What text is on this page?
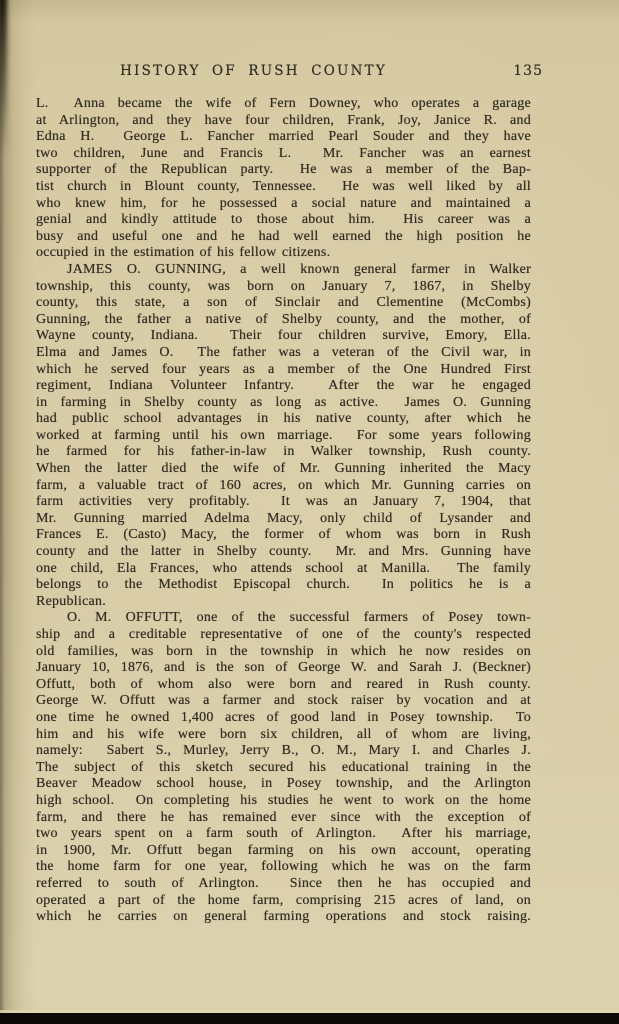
HISTORY OF RUSH COUNTY	135
L.  Anna became the wife of Fern Downey, who operates a garage
at Arlington, and they have four children, Frank, Joy, Janice R. and
Edna H.  George L. Fancher married Pearl Souder and they have
two children, June and Francis L.  Mr. Fancher was an earnest
supporter of the Republican party.  He was a member of the Bap-
tist church in Blount county, Tennessee.  He was well liked by all
who knew him, for he possessed a social nature and maintained a
genial and kindly attitude to those about him.  His career was a
busy and useful one and he had well earned the high position he
occupied in the estimation of his fellow citizens.
JAMES O. GUNNING, a well known general farmer in Walker
township, this county, was born on January 7, 1867, in Shelby
county, this state, a son of Sinclair and Clementine (McCombs)
Gunning, the father a native of Shelby county, and the mother, of
Wayne county, Indiana.  Their four children survive, Emory, Ella.
Elma and James O.  The father was a veteran of the Civil war, in
which he served four years as a member of the One Hundred First
regiment, Indiana Volunteer Infantry.  After the war he engaged
in farming in Shelby county as long as active.  James O. Gunning
had public school advantages in his native county, after which he
worked at farming until his own marriage.  For some years following
he farmed for his father-in-law in Walker township, Rush county.
When the latter died the wife of Mr. Gunning inherited the Macy
farm, a valuable tract of 160 acres, on which Mr. Gunning carries on
farm activities very profitably.  It was an January 7, 1904, that
Mr. Gunning married Adelma Macy, only child of Lysander and
Frances E. (Casto) Macy, the former of whom was born in Rush
county and the latter in Shelby county.  Mr. and Mrs. Gunning have
one child, Ela Frances, who attends school at Manilla.  The family
belongs to the Methodist Episcopal church.  In politics he is a
Republican.
O. M. OFFUTT, one of the successful farmers of Posey town-
ship and a creditable representative of one of the county's respected
old families, was born in the township in which he now resides on
January 10, 1876, and is the son of George W. and Sarah J. (Beckner)
Offutt, both of whom also were born and reared in Rush county.
George W. Offutt was a farmer and stock raiser by vocation and at
one time he owned 1,400 acres of good land in Posey township.  To
him and his wife were born six children, all of whom are living,
namely:  Sabert S., Murley, Jerry B., O. M., Mary I. and Charles J.
The subject of this sketch secured his educational training in the
Beaver Meadow school house, in Posey township, and the Arlington
high school.  On completing his studies he went to work on the home
farm, and there he has remained ever since with the exception of
two years spent on a farm south of Arlington.  After his marriage,
in 1900, Mr. Offutt began farming on his own account, operating
the home farm for one year, following which he was on the farm
referred to south of Arlington.  Since then he has occupied and
operated a part of the home farm, comprising 215 acres of land, on
which he carries on general farming operations and stock raising.
